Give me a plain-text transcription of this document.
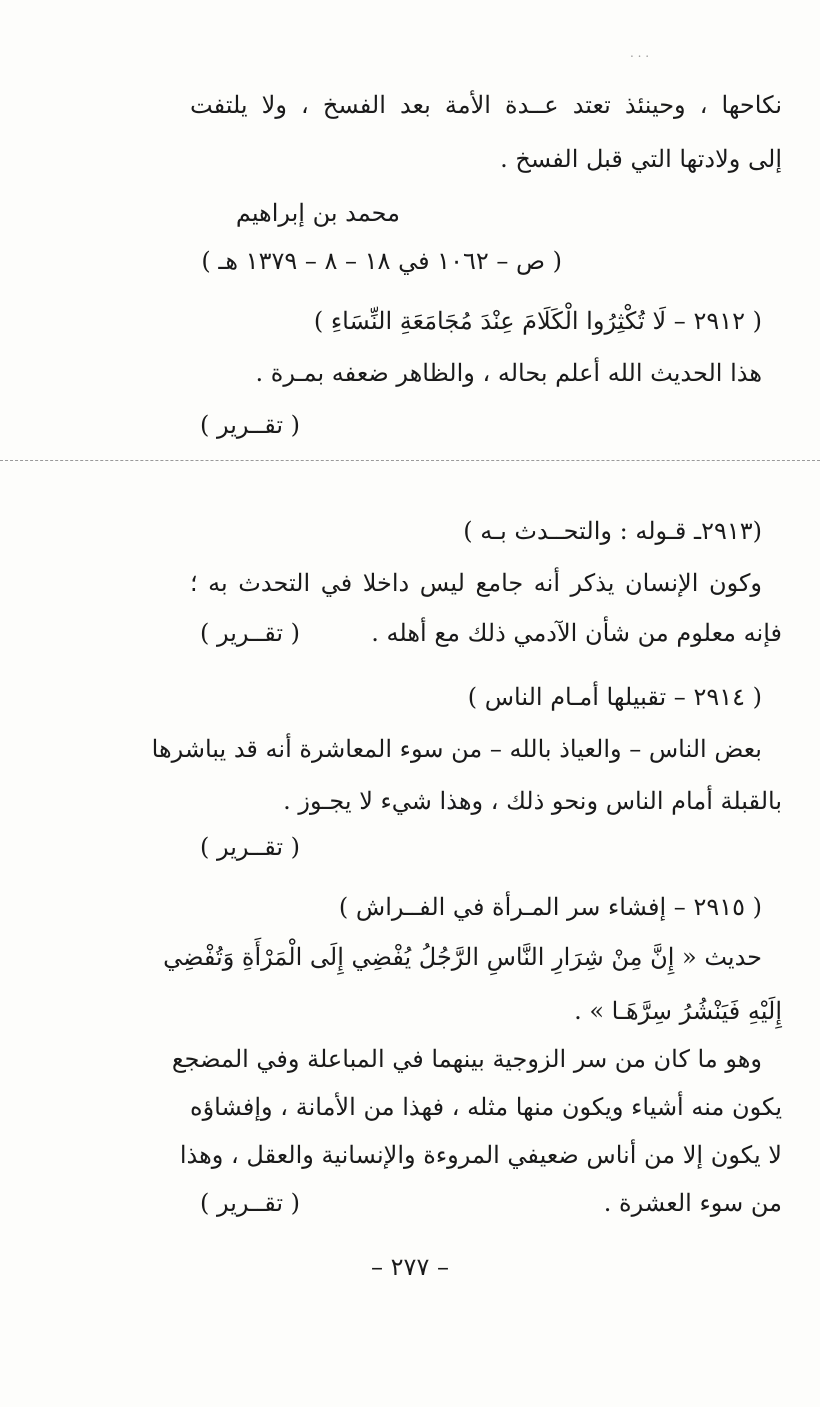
. . .
نكاحها ، وحينئذ تعتد عــدة الأمة بعد الفسخ ، ولا يلتفت
إلى ولادتها التي قبل الفسخ .
محمد بن إبراهيم
( ص – ١٠٦٢ في ١٨ – ٨ – ١٣٧٩ هـ )
( ٢٩١٢ – لَا تُكْثِرُوا الْكَلَامَ عِنْدَ مُجَامَعَةِ النِّسَاءِ )
هذا الحديث الله أعلم بحاله ، والظاهر ضعفه بمـرة .
( تقــرير )
(٢٩١٣ـ قـوله : والتحــدث بـه )
وكون الإنسان يذكر أنه جامع ليس داخلا في التحدث به ؛
فإنه معلوم من شأن الآدمي ذلك مع أهله .
( تقــرير )
( ٢٩١٤ – تقبيلها أمـام الناس )
بعض الناس – والعياذ بالله – من سوء المعاشرة أنه قد يباشرها
بالقبلة أمام الناس ونحو ذلك ، وهذا شيء لا يجـوز .
( تقــرير )
( ٢٩١٥ – إفشاء سر المـرأة في الفــراش )
حديث « إِنَّ مِنْ شِرَارِ النَّاسِ الرَّجُلُ يُفْضِي إِلَى الْمَرْأَةِ وَتُفْضِي
إِلَيْهِ فَيَنْشُرُ سِرَّهَـا » .
وهو ما كان من سر الزوجية بينهما في المباعلة وفي المضجع
يكون منه أشياء ويكون منها مثله ، فهذا من الأمانة ، وإفشاؤه
لا يكون إلا من أناس ضعيفي المروءة والإنسانية والعقل ، وهذا
من سوء العشرة .
( تقــرير )
– ٢٧٧ –
